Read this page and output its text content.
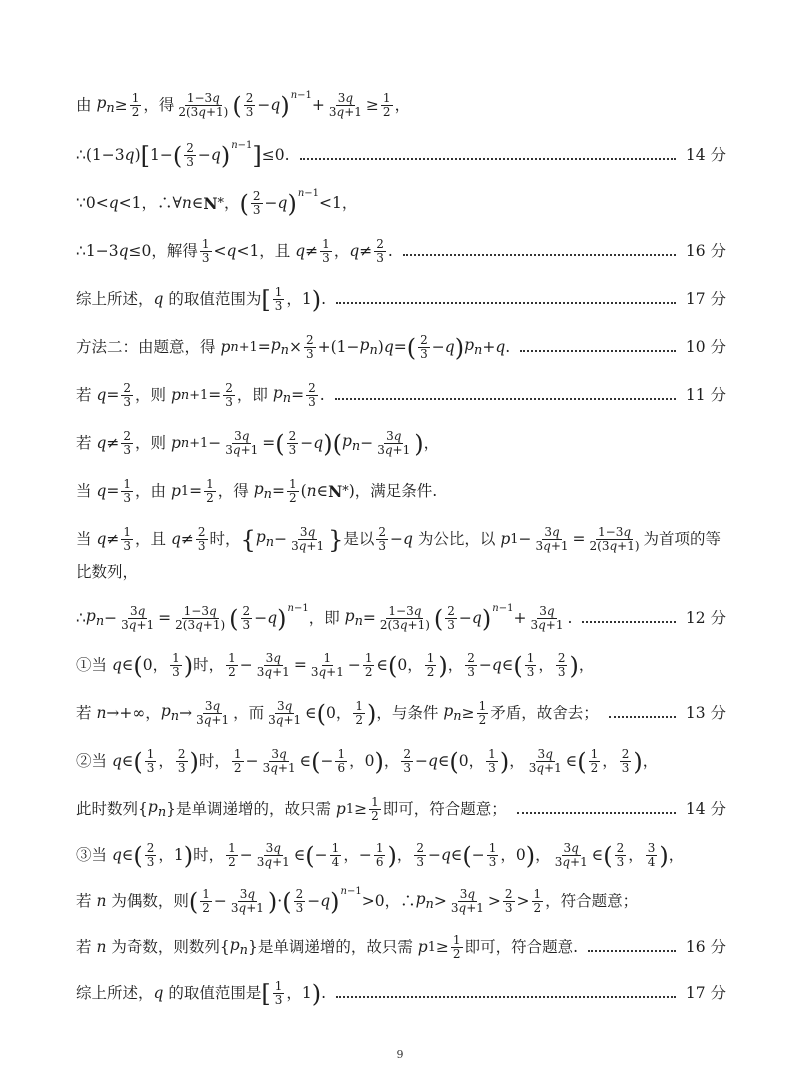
由 $p_n \ge \frac{1}{2}$ ，得 $\frac{1-3q}{2(3q+1)}$ ( $\frac{2}{3} - q$ ) n−1
+ $\frac{3q}{3q+1} \ge \frac{1}{2}$ ，
∴(1−3 q ) [ 1− ( $\frac{2}{3} - q$ ) n−1 ] ≤0.	14 分
∵0< q <1，∴∀ n ∈ N * ， ( $\frac{2}{3} - q$ ) n−1
<1，
∴1−3 q ≤0，解得 $\frac{1}{3} < q <1$，且 $q \ne \frac{1}{3}$ ， $q \ne \frac{2}{3}$ .	16 分
综上所述， q 的取值范围为 [ $\frac{1}{3}$ ，1 ) .	17 分
方法二：由题意，得 p $n+1 = p_n \times \frac{2}{3} +(1- p_n$ ) q = ( $\frac{2}{3} - q$ ) $p_n + q$ .	10 分
若 $q = \frac{2}{3}$ ，则 p $n+1 = \frac{2}{3}$ ，即 $p_n = \frac{2}{3}$ .	11 分
若 $q \ne \frac{2}{3}$ ，则 p $n+1 - \frac{3q}{3q+1}$ = ( $\frac{2}{3} - q$ ) ( $p_n - \frac{3q}{3q+1}$ ) ，
当 $q = \frac{1}{3}$ ，由 p $1 = \frac{1}{2}$ ，得 $p_n = \frac{1}{2}$ ( n ∈ N * )，满足条件.
当 $q \ne \frac{1}{3}$ ，且 $q \ne \frac{2}{3}$ 时， { $p_n - \frac{3q}{3q+1}$ } 是以 $\frac{2}{3} - q$ 为公比，以 p $1 - \frac{3q}{3q+1} = \frac{1-3q}{2(3q+1)}$ 为首项的等
比数列，
∴ $p_n - \frac{3q}{3q+1} = \frac{1-3q}{2(3q+1)}$ ( $\frac{2}{3} - q$ ) n−1
，即 $p_n = \frac{1-3q}{2(3q+1)}$ ( $\frac{2}{3} - q$ ) n−1
+ $\frac{3q}{3q+1}$ .	12 分
①当 q ∈ ( 0， $\frac{1}{3}$ ) 时， $\frac{1}{2} - \frac{3q}{3q+1} = \frac{1}{3q+1} - \frac{1}{2}$ ∈ ( 0， $\frac{1}{2}$ ) ， $\frac{2}{3} - q$ ∈ ( $\frac{1}{3}$ ， $\frac{2}{3}$ ) ，
若 n →+∞， $p_n \to \frac{3q}{3q+1}$ ，而 $\frac{3q}{3q+1}$ ∈ ( 0， $\frac{1}{2}$ ) ，与条件 $p_n \ge \frac{1}{2}$ 矛盾，故舍去；	13 分
②当 q ∈ ( $\frac{1}{3}$ ， $\frac{2}{3}$ ) 时， $\frac{1}{2} - \frac{3q}{3q+1}$ ∈ ( − $\frac{1}{6}$ ，0 ) ， $\frac{2}{3} - q$ ∈ ( 0， $\frac{1}{3}$ ) ， $\frac{3q}{3q+1}$ ∈ ( $\frac{1}{2}$ ， $\frac{2}{3}$ ) ，
此时数列{ $p_n$ }是单调递增的，故只需 p $1 \ge \frac{1}{2}$ 即可，符合题意；	14 分
③当 q ∈ ( $\frac{2}{3}$ ，1 ) 时， $\frac{1}{2} - \frac{3q}{3q+1}$ ∈ ( − $\frac{1}{4}$ ，− $\frac{1}{6}$ ) ， $\frac{2}{3} - q$ ∈ ( − $\frac{1}{3}$ ，0 ) ， $\frac{3q}{3q+1}$ ∈ ( $\frac{2}{3}$ ， $\frac{3}{4}$ ) ，
若 n 为偶数，则 ( $\frac{1}{2} - \frac{3q}{3q+1}$ ) · ( $\frac{2}{3} - q$ ) n−1
>0，∴ $p_n > \frac{3q}{3q+1} > \frac{2}{3} > \frac{1}{2}$ ，符合题意；
若 n 为奇数，则数列{ $p_n$ }是单调递增的，故只需 p $1 \ge \frac{1}{2}$ 即可，符合题意.	16 分
综上所述， q 的取值范围是 [ $\frac{1}{3}$ ，1 ) .	17 分
9
